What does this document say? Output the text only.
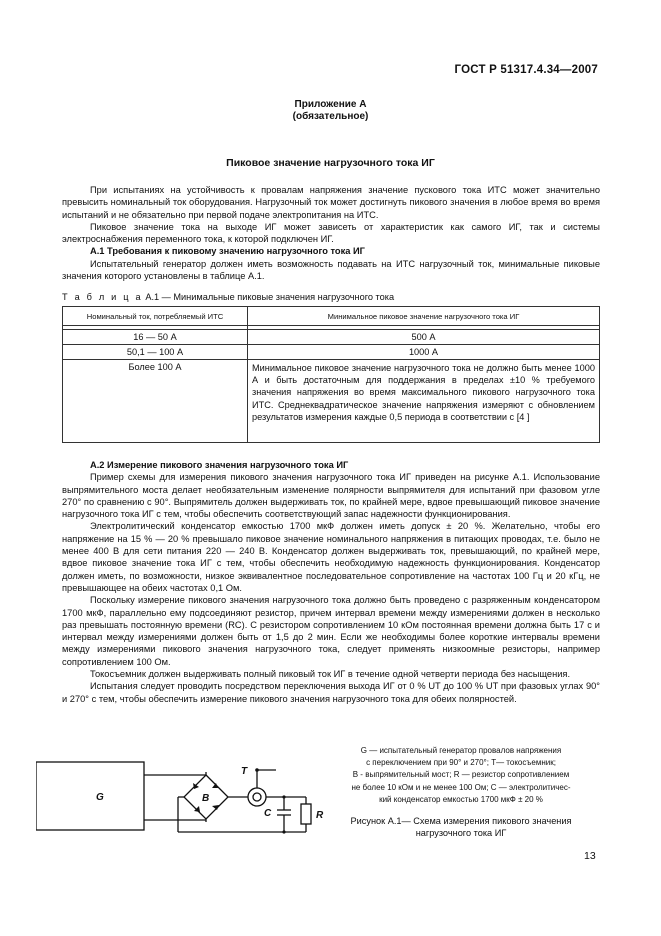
ГОСТ Р 51317.4.34—2007
Приложение А
(обязательное)
Пиковое значение нагрузочного тока ИГ

При испытаниях на устойчивость к провалам напряжения значение пускового тока ИТС может значительно превысить номинальный ток оборудования. Нагрузочный ток может достигнуть пикового значения в любое время во время испытаний и не обязательно при первой подаче электропитания на ИТС.

Пиковое значение тока на выходе ИГ может зависеть от характеристик как самого ИГ, так и системы электроснабжения переменного тока, к которой подключен ИГ.

А.1 Требования к пиковому значению нагрузочного тока ИГ

Испытательный генератор должен иметь возможность подавать на ИТС нагрузочный ток, минимальные пиковые значения которого установлены в таблице А.1.

Т а б л и ц а А.1 — Минимальные пиковые значения нагрузочного тока
Номинальный ток, потребляемый ИТС	Минимальное пиковое значение нагрузочного тока ИГ

16 — 50 А	500 А
50,1 — 100 А	1000 А
Более 100 А	Минимальное пиковое значение нагрузочного тока не должно быть менее 1000 А и быть достаточным для поддержания в пределах ±10 % требуемого значения напряжения во время максимального пикового нагрузочного тока ИТС. Среднеквадратическое значение напряжения измеряют с обновлением результатов измерения каждые 0,5 периода в соответствии с [4 ]

А.2 Измерение пикового значения нагрузочного тока ИГ

Пример схемы для измерения пикового значения нагрузочного тока ИГ приведен на рисунке А.1. Использование выпрямительного моста делает необязательным изменение полярности выпрямителя для испытаний при фазовом угле 270° по сравнению с 90°. Выпрямитель должен выдерживать ток, по крайней мере, вдвое превышающий пиковое значение нагрузочного тока ИГ с тем, чтобы обеспечить соответствующий запас надежности функционирования.

Электролитический конденсатор емкостью 1700 мкФ должен иметь допуск ± 20 %. Желательно, чтобы его напряжение на 15 % — 20 % превышало пиковое значение номинального напряжения в питающих проводах, т.е. было не менее 400 В для сети питания 220 — 240 В. Конденсатор должен выдерживать ток, превышающий, по крайней мере, вдвое пиковое значение тока ИГ с тем, чтобы обеспечить необходимую надежность функционирования. Конденсатор должен иметь, по возможности, низкое эквивалентное последовательное сопротивление на частотах 100 Гц и 20 кГц, не превышающее на обеих частотах 0,1 Ом.

Поскольку измерение пикового значения нагрузочного тока должно быть проведено с разряженным конденсатором 1700 мкФ, параллельно ему подсоединяют резистор, причем интервал времени между измерениями должен в несколько раз превышать постоянную времени (RC). С резистором сопротивлением 10 кОм постоянная времени должна быть 17 с и интервал между измерениями должен быть от 1,5 до 2 мин. Если же необходимы более короткие интервалы времени между измерениями пикового значения нагрузочного тока, следует применять низкоомные резисторы, например сопротивлением 100 Ом.

Токосъемник должен выдерживать полный пиковый ток ИГ в течение одной четверти периода без насыщения.

Испытания следует проводить посредством переключения выхода ИГ от 0 % UT до 100 % UT при фазовых углах 90° и 270° с тем, чтобы обеспечить измерение пикового значения нагрузочного тока для обеих полярностей.

G	B
T
C	R
G — испытательный генератор провалов напряжения
с переключением при 90° и 270°; T— токосъемник;
B - выпрямительный мост; R — резистор сопротивлением
не более 10 кОм и не менее 100 Ом; C — электролитичес-
кий конденсатор емкостью 1700 мкФ ± 20 %
Рисунок А.1— Схема измерения пикового значения
нагрузочного тока ИГ
13
